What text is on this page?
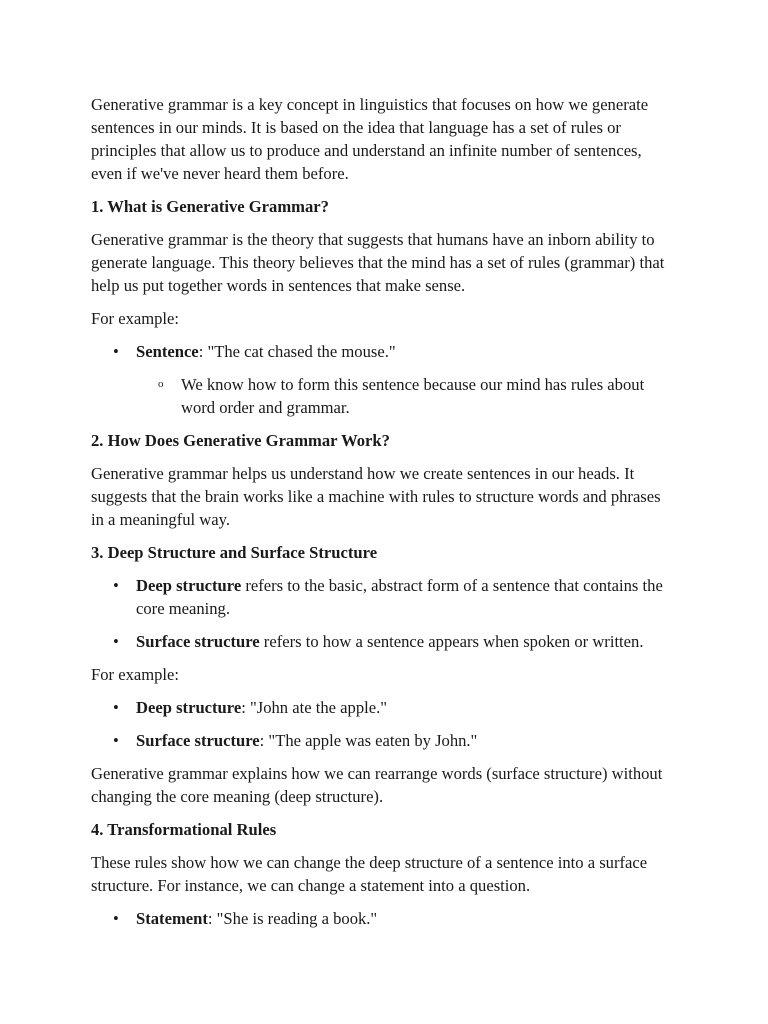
Generative grammar is a key concept in linguistics that focuses on how we generate sentences in our minds. It is based on the idea that language has a set of rules or principles that allow us to produce and understand an infinite number of sentences, even if we've never heard them before.

1. What is Generative Grammar?

Generative grammar is the theory that suggests that humans have an inborn ability to generate language. This theory believes that the mind has a set of rules (grammar) that help us put together words in sentences that make sense.

For example:

• Sentence: "The cat chased the mouse."
o We know how to form this sentence because our mind has rules about word order and grammar.
2. How Does Generative Grammar Work?

Generative grammar helps us understand how we create sentences in our heads. It suggests that the brain works like a machine with rules to structure words and phrases in a meaningful way.

3. Deep Structure and Surface Structure
• Deep structure refers to the basic, abstract form of a sentence that contains the core meaning.
• Surface structure refers to how a sentence appears when spoken or written.

For example:

• Deep structure: "John ate the apple."
• Surface structure: "The apple was eaten by John."

Generative grammar explains how we can rearrange words (surface structure) without changing the core meaning (deep structure).

4. Transformational Rules

These rules show how we can change the deep structure of a sentence into a surface structure. For instance, we can change a statement into a question.

• Statement: "She is reading a book."
